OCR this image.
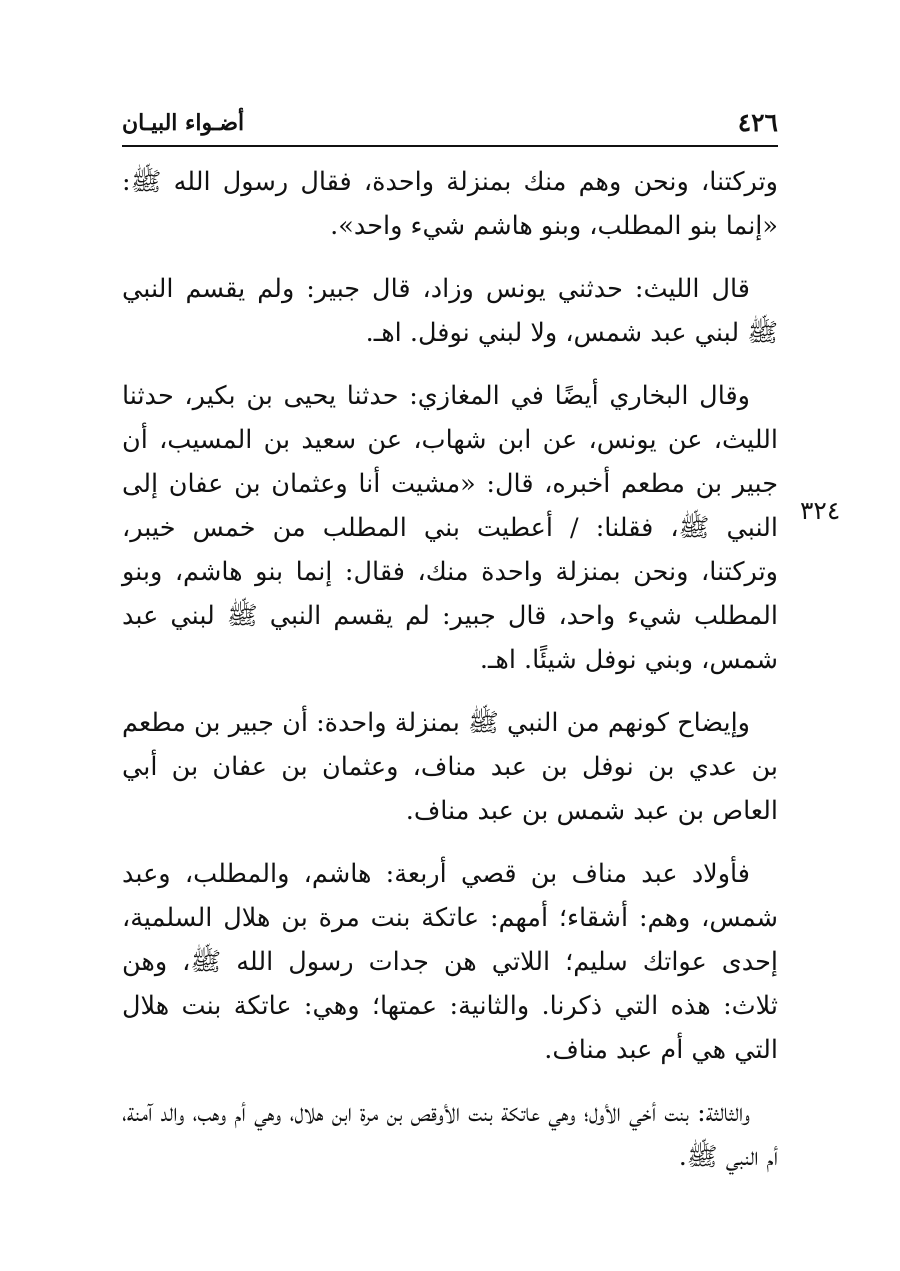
٤٢٦
أضـواء البيـان
٣٢٤

وتركتنا، ونحن وهم منك بمنزلة واحدة، فقال رسول الله ﷺ: «إنما بنو المطلب، وبنو هاشم شيء واحد».

قال الليث: حدثني يونس وزاد، قال جبير: ولم يقسم النبي ﷺ لبني عبد شمس، ولا لبني نوفل. اهـ.

وقال البخاري أيضًا في المغازي: حدثنا يحيى بن بكير، حدثنا الليث، عن يونس، عن ابن شهاب، عن سعيد بن المسيب، أن جبير بن مطعم أخبره، قال: «مشيت أنا وعثمان بن عفان إلى النبي ﷺ، فقلنا: / أعطيت بني المطلب من خمس خيبر، وتركتنا، ونحن بمنزلة واحدة منك، فقال: إنما بنو هاشم، وبنو المطلب شيء واحد، قال جبير: لم يقسم النبي ﷺ لبني عبد شمس، وبني نوفل شيئًا. اهـ.

وإيضاح كونهم من النبي ﷺ بمنزلة واحدة: أن جبير بن مطعم بن عدي بن نوفل بن عبد مناف، وعثمان بن عفان بن أبي العاص بن عبد شمس بن عبد مناف.

فأولاد عبد مناف بن قصي أربعة: هاشم، والمطلب، وعبد شمس، وهم: أشقاء؛ أمهم: عاتكة بنت مرة بن هلال السلمية، إحدى عواتك سليم؛ اللاتي هن جدات رسول الله ﷺ، وهن ثلاث: هذه التي ذكرنا. والثانية: عمتها؛ وهي: عاتكة بنت هلال التي هي أم عبد مناف.

والثالثة: بنت أخي الأول؛ وهي عاتكة بنت الأوقص بن مرة ابن هلال، وهي أم وهب، والد آمنة، أم النبي ﷺ.
